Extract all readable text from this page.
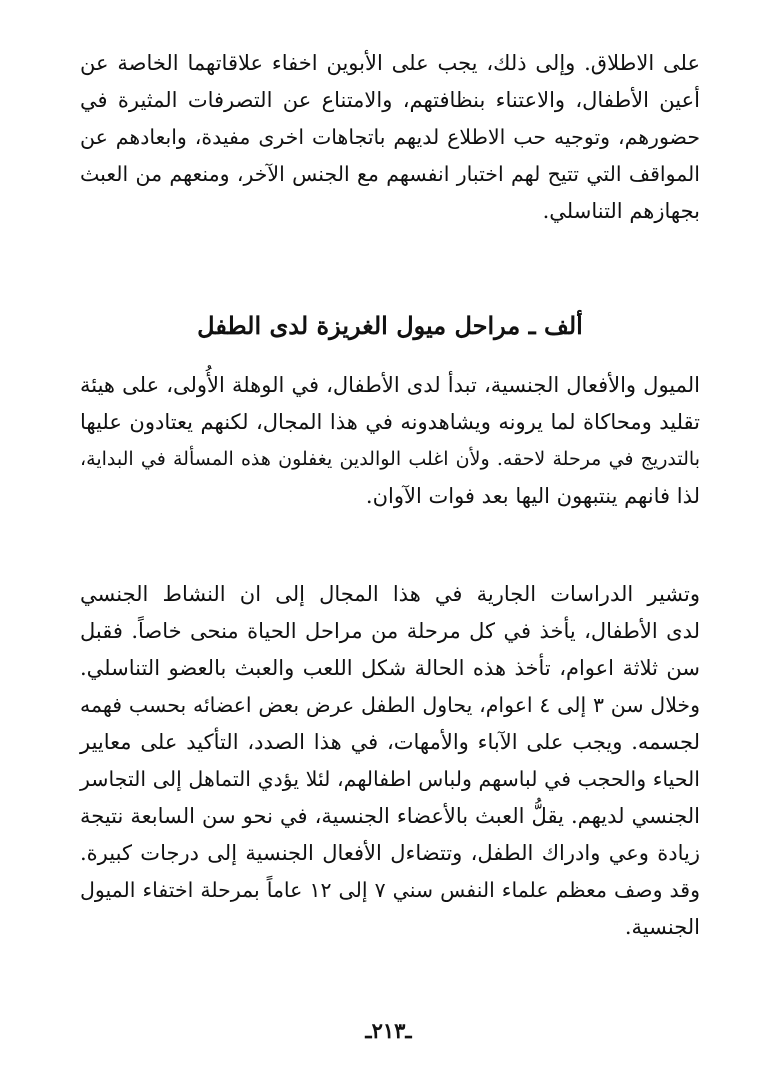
على الاطلاق. وإلى ذلك، يجب على الأبوين اخفاء علاقاتهما الخاصة عن
أعين الأطفال، والاعتناء بنظافتهم، والامتناع عن التصرفات المثيرة في
حضورهم، وتوجيه حب الاطلاع لديهم باتجاهات اخرى مفيدة، وابعادهم عن
المواقف التي تتيح لهم اختبار انفسهم مع الجنس الآخر، ومنعهم من العبث
بجهازهم التناسلي.
ألف ـ مراحل ميول الغريزة لدى الطفل
الميول والأفعال الجنسية، تبدأ لدى الأطفال، في الوهلة الأُولى، على هيئة
تقليد ومحاكاة لما يرونه ويشاهدونه في هذا المجال، لكنهم يعتادون عليها
بالتدريج في مرحلة لاحقه. ولأن اغلب الوالدين يغفلون هذه المسألة في البداية،
لذا فانهم ينتبهون اليها بعد فوات الآوان.
وتشير الدراسات الجارية في هذا المجال إلى ان النشاط الجنسي
لدى الأطفال، يأخذ في كل مرحلة من مراحل الحياة منحى خاصاً. فقبل
سن ثلاثة اعوام، تأخذ هذه الحالة شكل اللعب والعبث بالعضو التناسلي.
وخلال سن ٣ إلى ٤ اعوام، يحاول الطفل عرض بعض اعضائه بحسب فهمه
لجسمه. ويجب على الآباء والأمهات، في هذا الصدد، التأكيد على معايير
الحياء والحجب في لباسهم ولباس اطفالهم، لئلا يؤدي التماهل إلى التجاسر
الجنسي لديهم. يقلُّ العبث بالأعضاء الجنسية، في نحو سن السابعة نتيجة
زيادة وعي وادراك الطفل، وتتضاءل الأفعال الجنسية إلى درجات كبيرة.
وقد وصف معظم علماء النفس سني ٧ إلى ١٢ عاماً بمرحلة اختفاء الميول
الجنسية.
ـ٢١٣ـ
